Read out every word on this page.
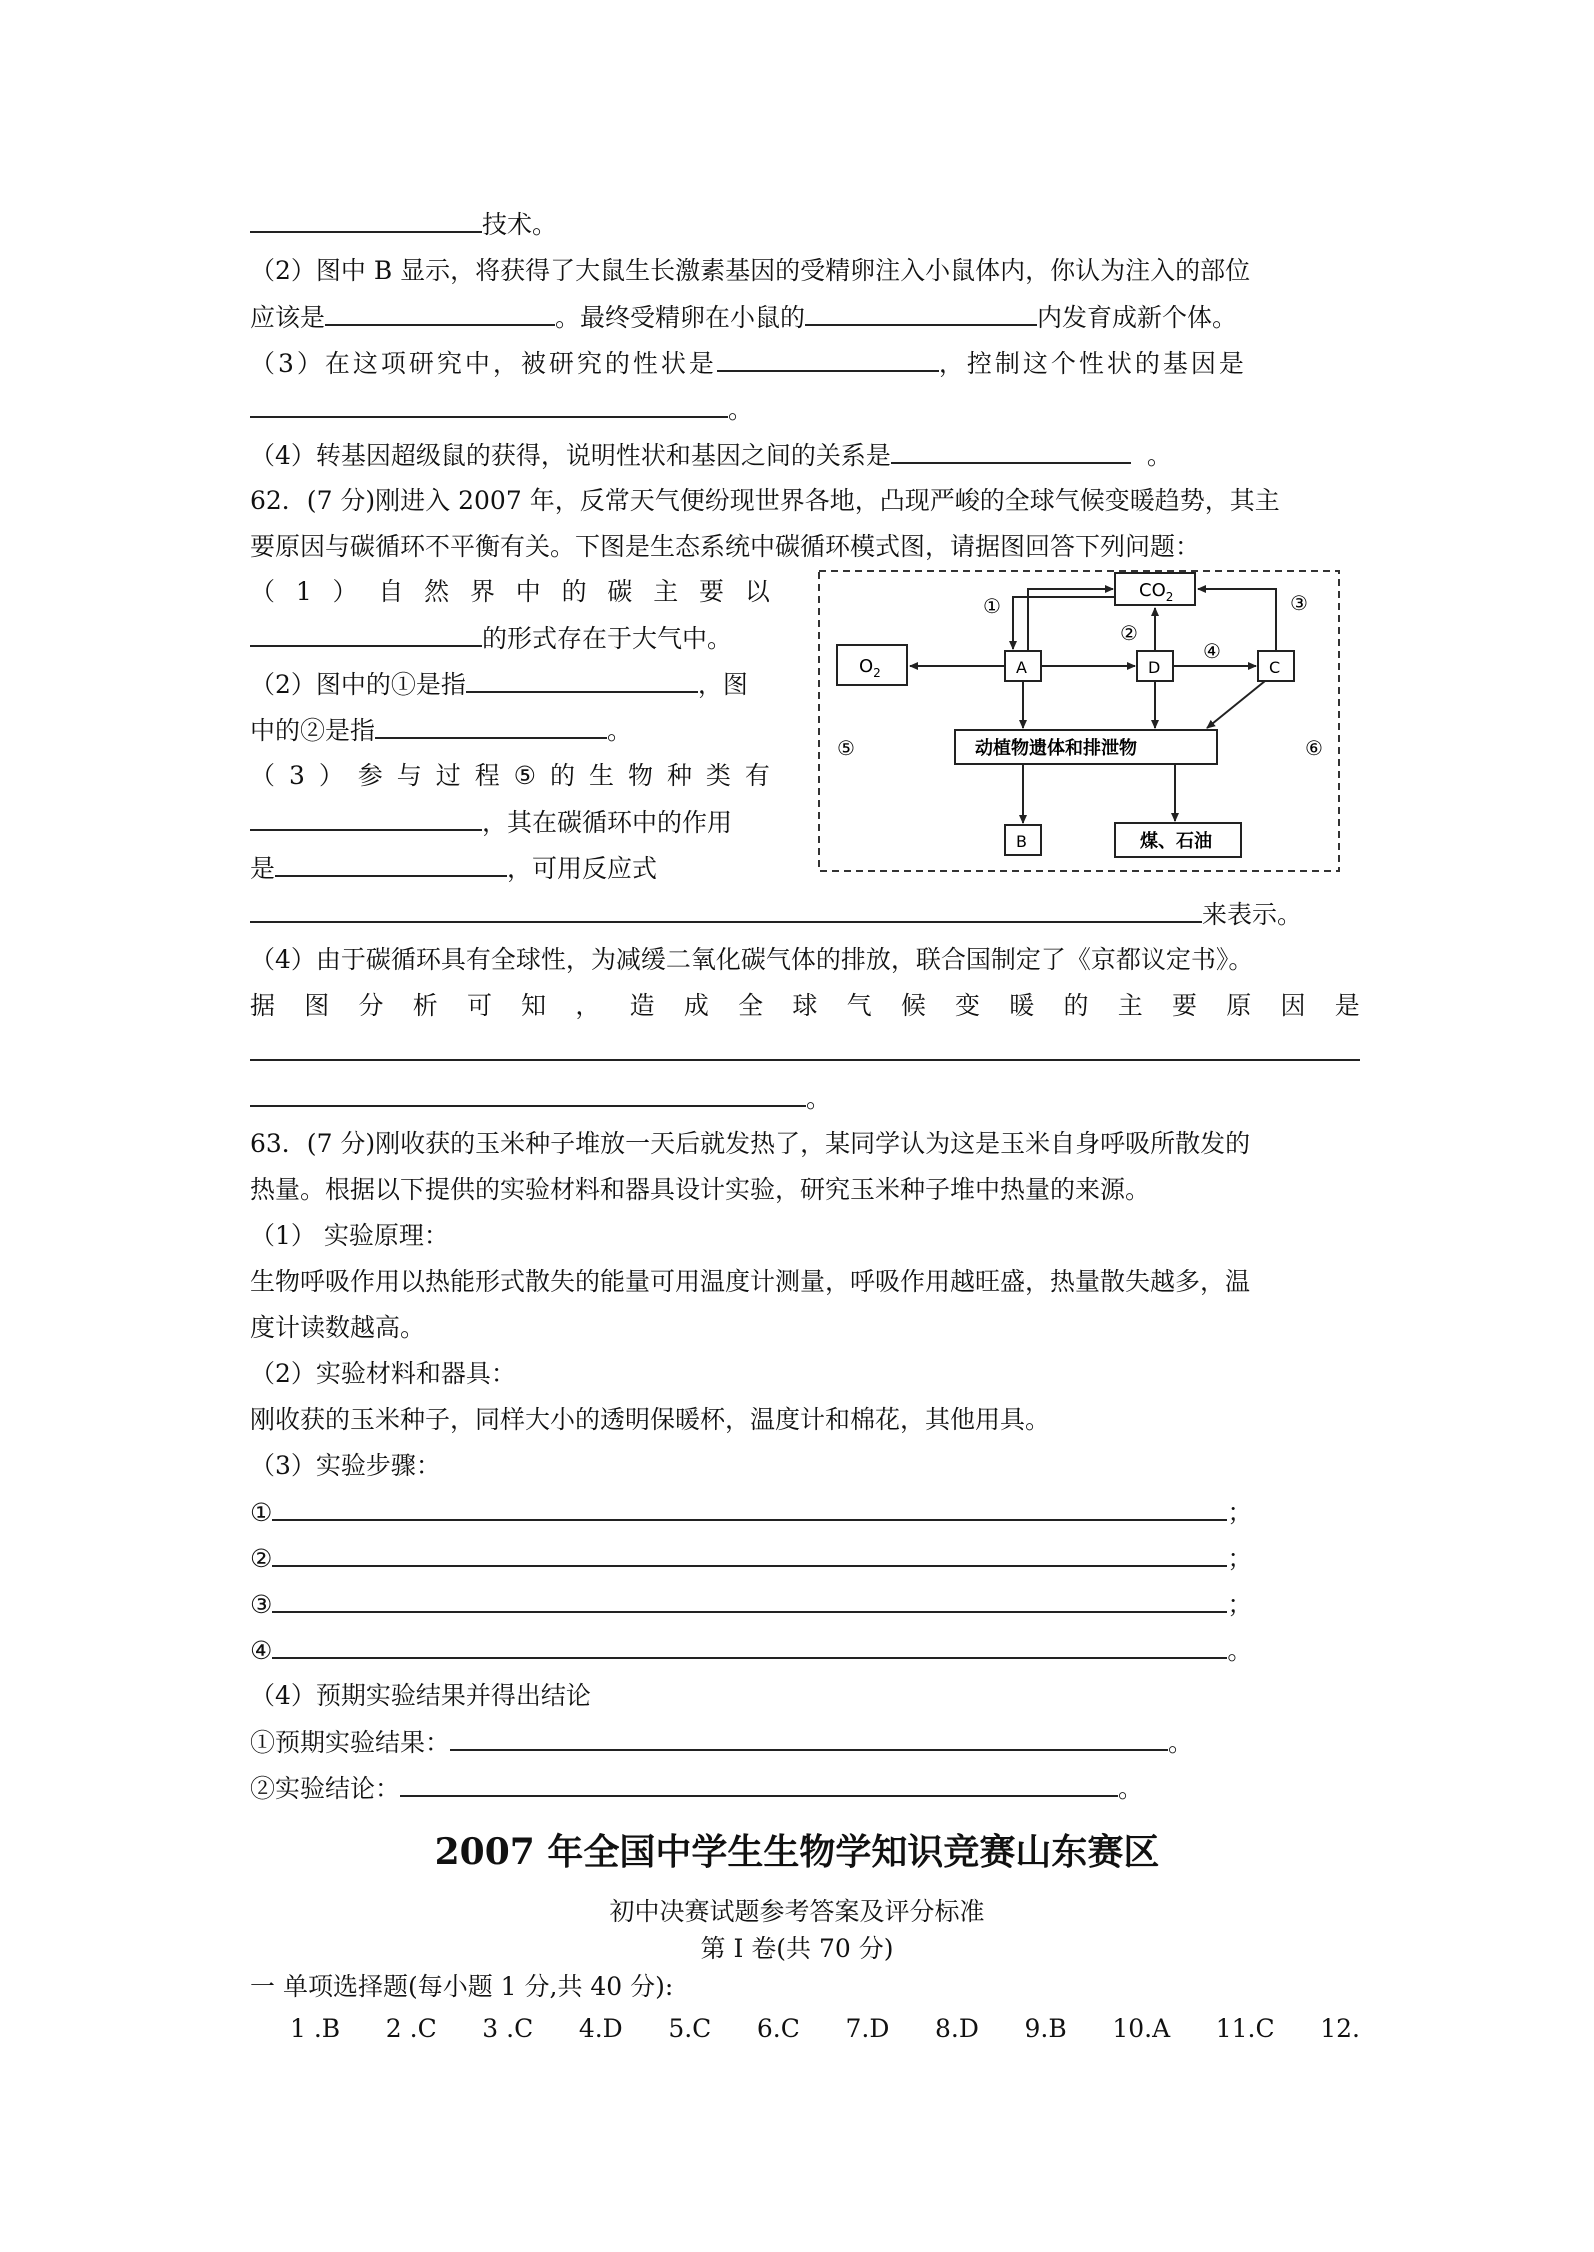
技术。
（2）图中 B 显示，将获得了大鼠生长激素基因的受精卵注入小鼠体内，你认为注入的部位
应该是	。最终受精卵在小鼠的	内发育成新个体。
（3）在这项研究中，被研究的性状是	，控制这个性状的基因是
。
（4）转基因超级鼠的获得，说明性状和基因之间的关系是	。
62．(7 分)刚进入 2007 年，反常天气便纷现世界各地，凸现严峻的全球气候变暖趋势，其主
要原因与碳循环不平衡有关。下图是生态系统中碳循环模式图，请据图回答下列问题：
（ 1 ） 自 然 界 中 的 碳 主 要 以
的形式存在于大气中。
（2）图中的①是指	，图
中的②是指	。
（ 3 ） 参 与 过 程 ⑤ 的 生 物 种 类 有
，其在碳循环中的作用
是	，可用反应式
来表示。
（4）由于碳循环具有全球性，为减缓二氧化碳气体的排放，联合国制定了《京都议定书》。
据 图 分 析 可 知 ， 造 成 全 球 气 候 变 暖 的 主 要 原 因 是
。
63．(7 分)刚收获的玉米种子堆放一天后就发热了，某同学认为这是玉米自身呼吸所散发的
热量。根据以下提供的实验材料和器具设计实验，研究玉米种子堆中热量的来源。
（1） 实验原理：
生物呼吸作用以热能形式散失的能量可用温度计测量，呼吸作用越旺盛，热量散失越多，温
度计读数越高。
（2）实验材料和器具：
刚收获的玉米种子，同样大小的透明保暖杯，温度计和棉花，其他用具。
（3）实验步骤：
①	；
②	；
③	；
④	。
（4）预期实验结果并得出结论
①预期实验结果：	。
②实验结论：	。
2007 年全国中学生生物学知识竞赛山东赛区
初中决赛试题参考答案及评分标准
第 I 卷(共 70 分)
一 单项选择题(每小题 1 分,共 40 分):
1 .B 2 .C 3 .C 4.D 5.C 6.C 7.D 8.D 9.B 10.A 11.C 12.
$CO_2$
$O_2$	A	D	C
动植物遗体和排泄物
B	煤、石油
①
②
③
④
⑤	⑥
